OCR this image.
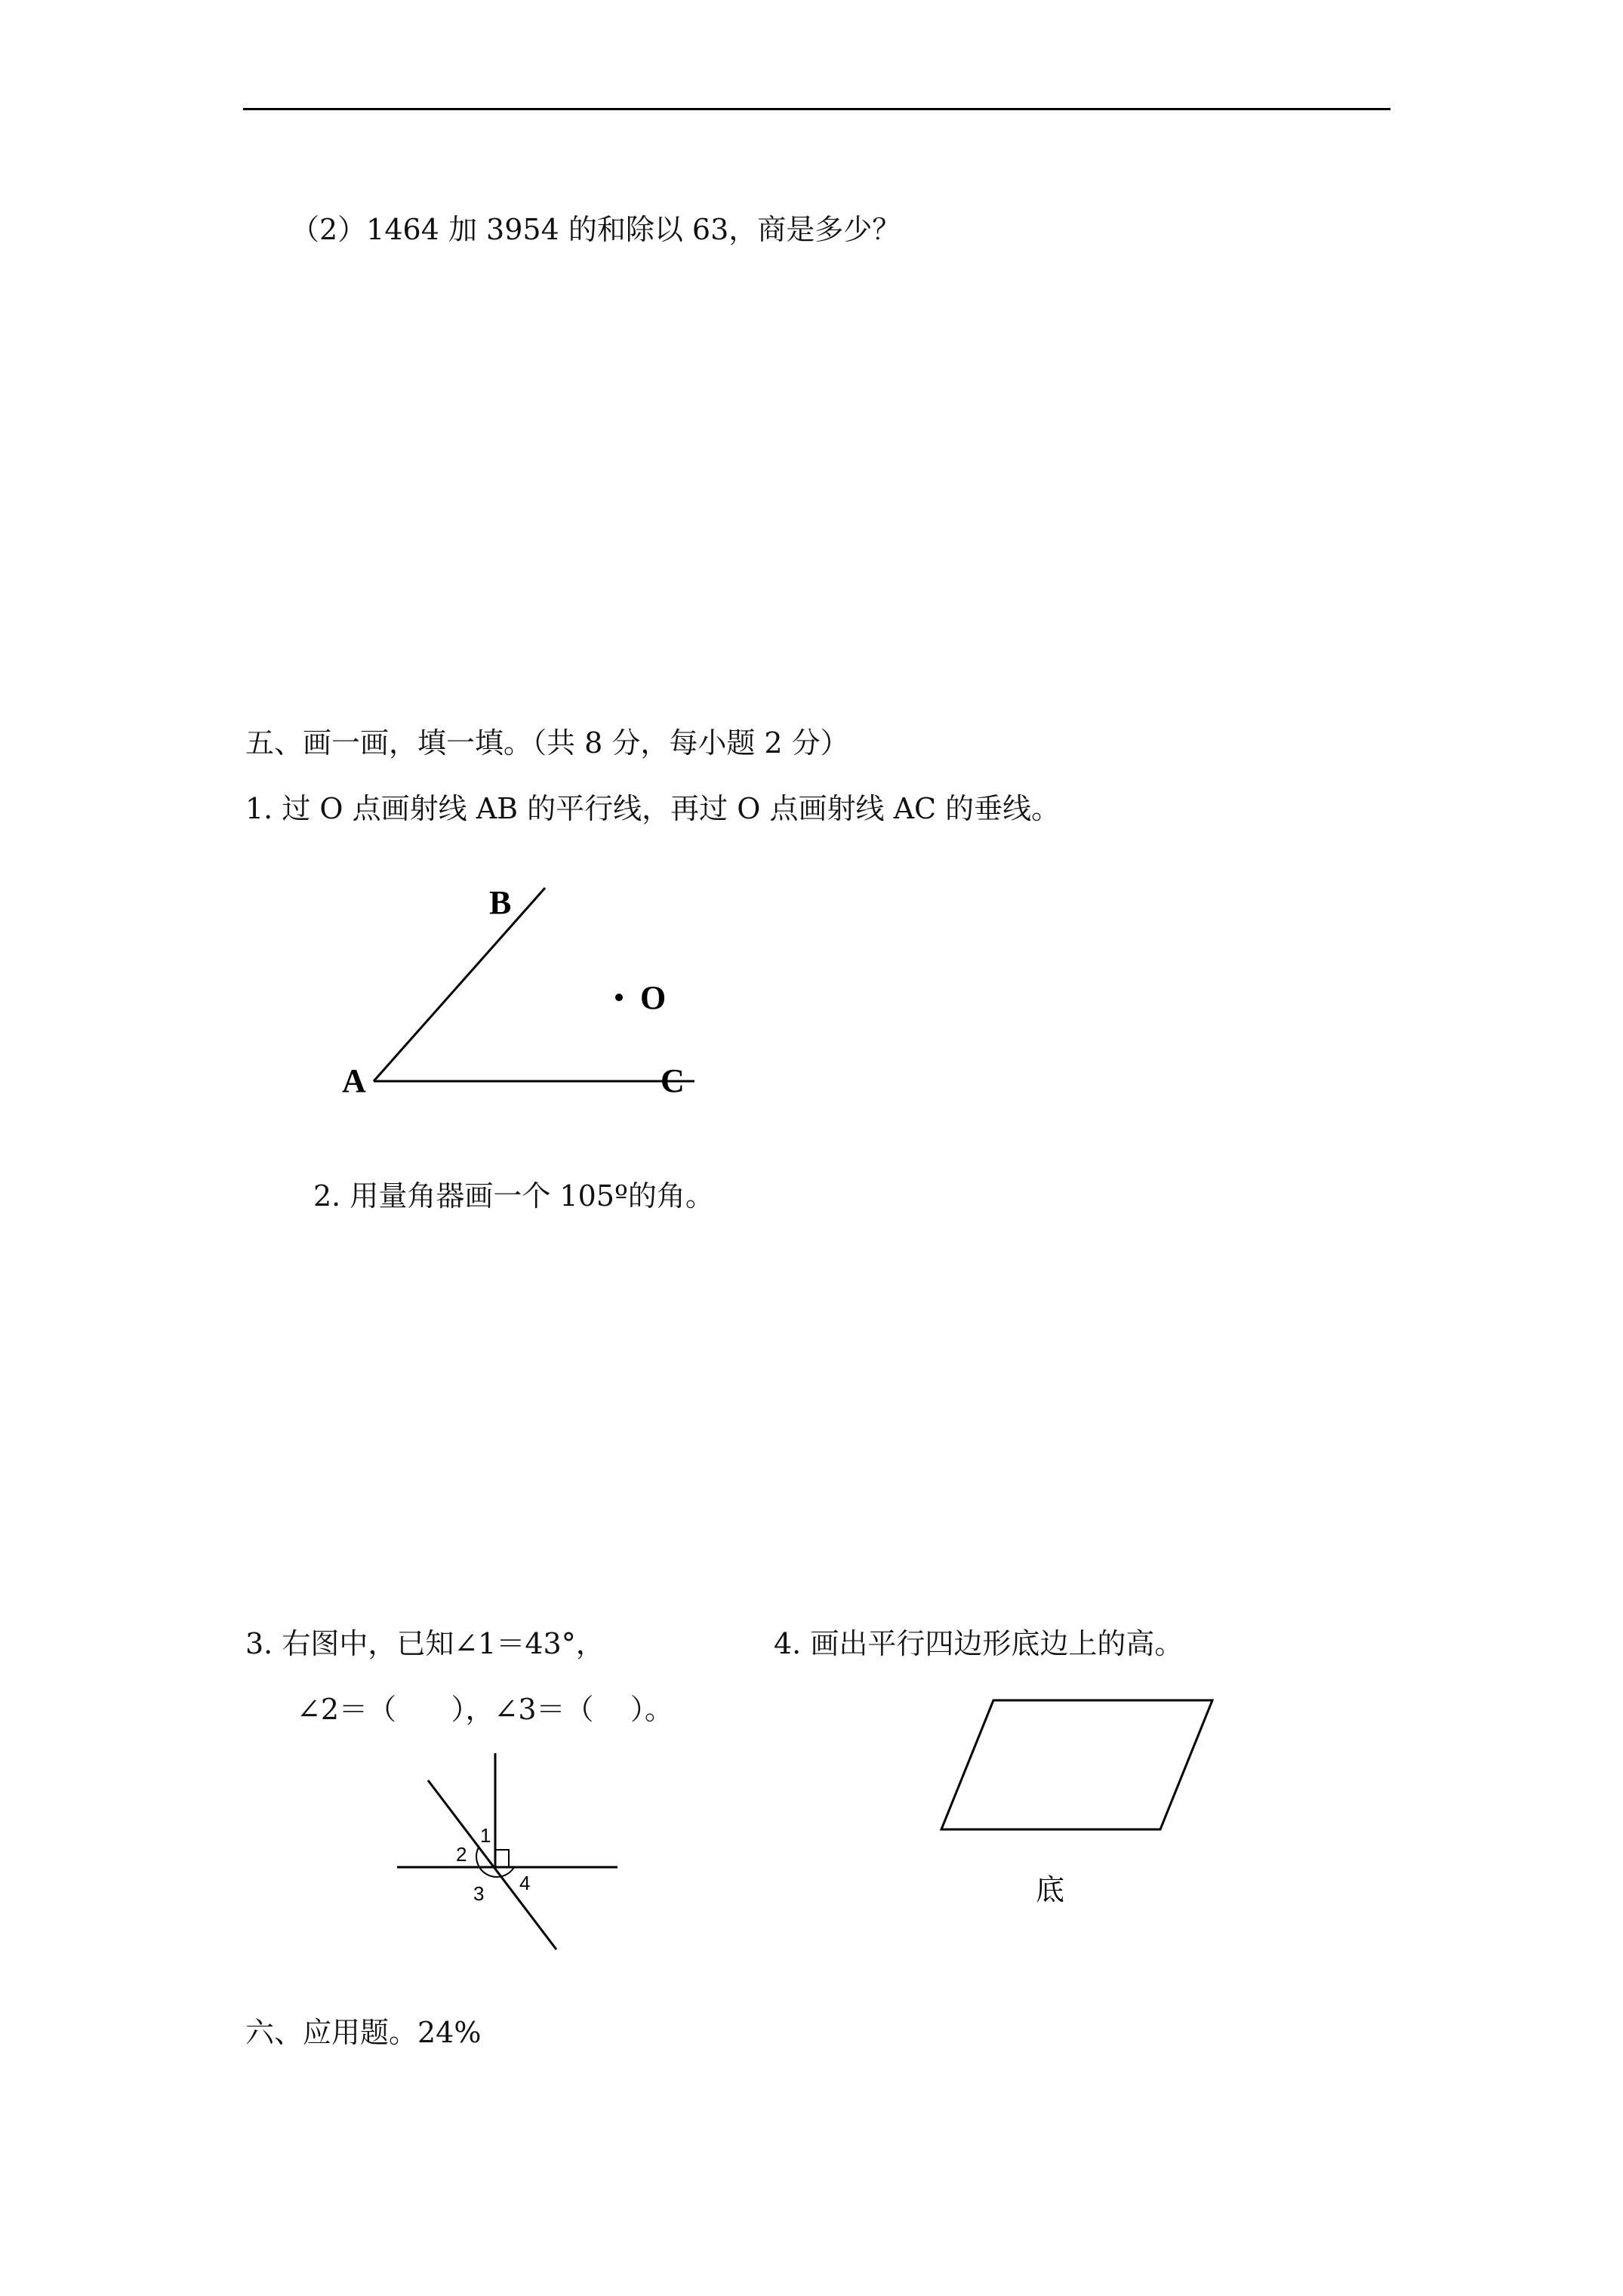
（2）1464 加 3954 的和除以 63，商是多少？

五、画一画，填一填。（共 8 分，每小题 2 分）

1. 过 O 点画射线 AB 的平行线，再过 O 点画射线 AC 的垂线。

B
O
A	C

2. 用量角器画一个 105º的角。

3. 右图中，已知∠1＝43°，

∠2＝（      ），∠3＝（    ）。

1
2
3 4

4. 画出平行四边形底边上的高。

底

六、应用题。24%
